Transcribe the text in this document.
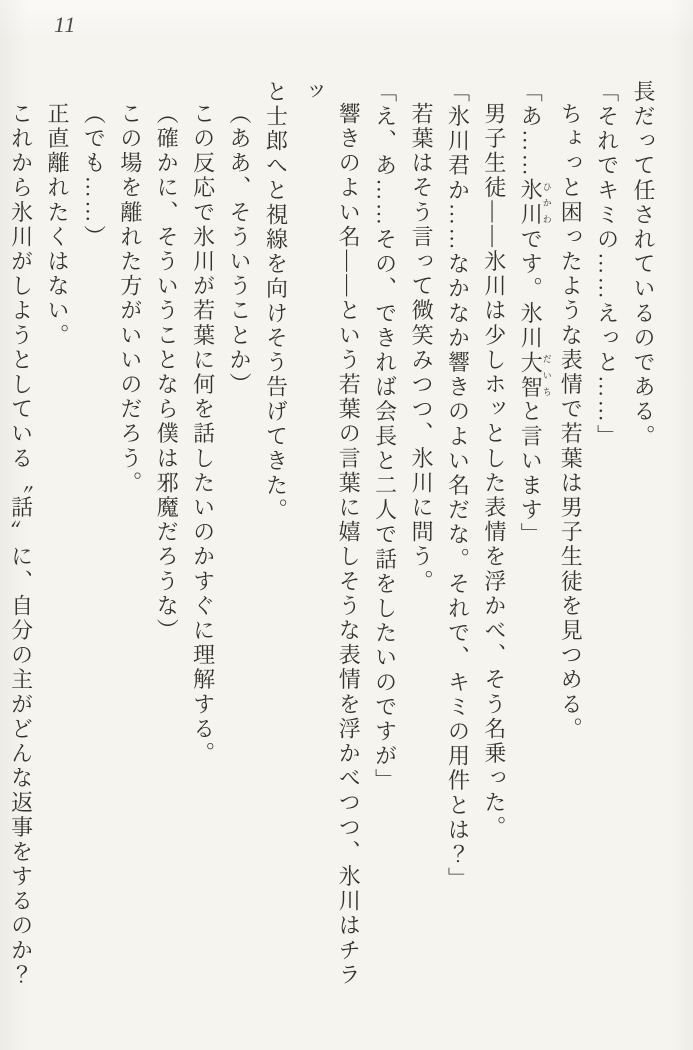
11

長だって任されているのである。

「それでキミの……えっと……」

ちょっと困ったような表情で若葉は男子生徒を見つめる。

「あ……氷川ひかわです。氷川大智だいちと言います」

男子生徒――氷川は少しホッとした表情を浮かべ、そう名乗った。

「氷川君か……なかなか響きのよい名だな。それで、キミの用件とは？」

若葉はそう言って微笑みつつ、氷川に問う。

「え、あ……その、できれば会長と二人で話をしたいのですが」

響きのよい名――という若葉の言葉に嬉しそうな表情を浮かべつつ、氷川はチラッ

と士郎へと視線を向けそう告げてきた。

（ああ、そういうことか）

この反応で氷川が若葉に何を話したいのかすぐに理解する。

（確かに、そういうことなら僕は邪魔だろうな）

この場を離れた方がいいのだろう。

（でも……）

正直離れたくはない。

これから氷川がしようとしている〝話〟に、自分の主がどんな返事をするのか？
